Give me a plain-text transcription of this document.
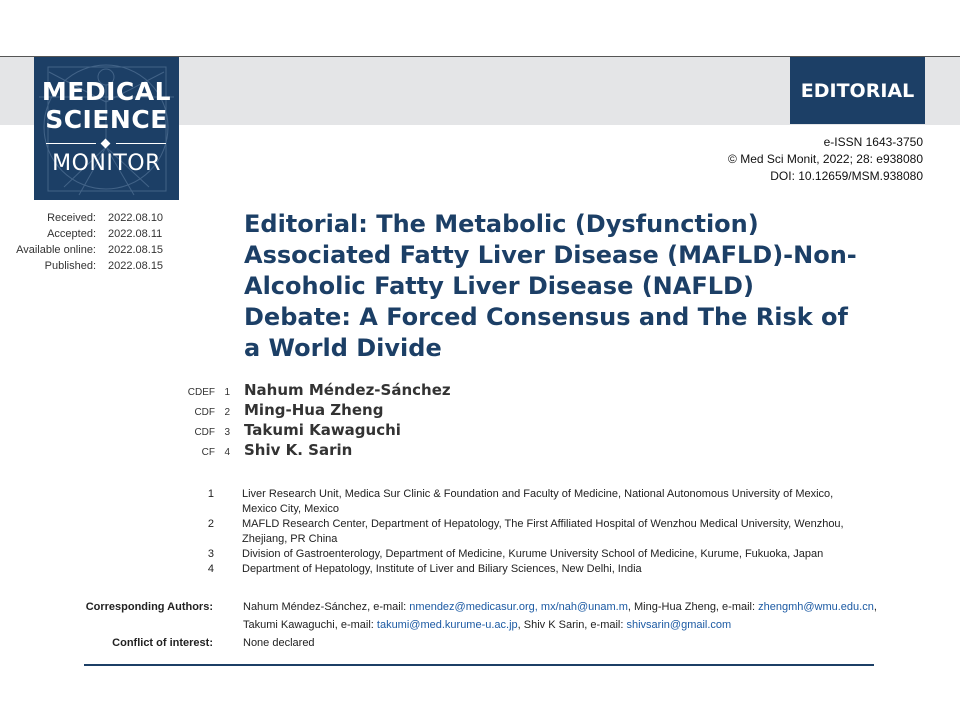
MEDICAL
SCIENCE
MONITOR
EDITORIAL
e-ISSN 1643-3750
© Med Sci Monit, 2022; 28: e938080
DOI: 10.12659/MSM.938080
Received: 2022.08.10
Accepted: 2022.08.11
Available online: 2022.08.15
Published: 2022.08.15
Editorial: The Metabolic (Dysfunction) Associated Fatty Liver Disease (MAFLD)-Non-Alcoholic Fatty Liver Disease (NAFLD) Debate: A Forced Consensus and The Risk of a World Divide
CDEF 1 Nahum Méndez-Sánchez
CDF 2 Ming-Hua Zheng
CDF 3 Takumi Kawaguchi
CF 4 Shiv K. Sarin
1	Liver Research Unit, Medica Sur Clinic & Foundation and Faculty of Medicine, National Autonomous University of Mexico, Mexico City, Mexico
2	MAFLD Research Center, Department of Hepatology, The First Affiliated Hospital of Wenzhou Medical University, Wenzhou, Zhejiang, PR China
3	Division of Gastroenterology, Department of Medicine, Kurume University School of Medicine, Kurume, Fukuoka, Japan
4	Department of Hepatology, Institute of Liver and Biliary Sciences, New Delhi, India
Corresponding Authors:	Nahum Méndez-Sánchez, e-mail: nmendez@medicasur.org, mx/nah@unam.m, Ming-Hua Zheng, e-mail: zhengmh@wmu.edu.cn, Takumi Kawaguchi, e-mail: takumi@med.kurume-u.ac.jp, Shiv K Sarin, e-mail: shivsarin@gmail.com
Conflict of interest:	None declared
